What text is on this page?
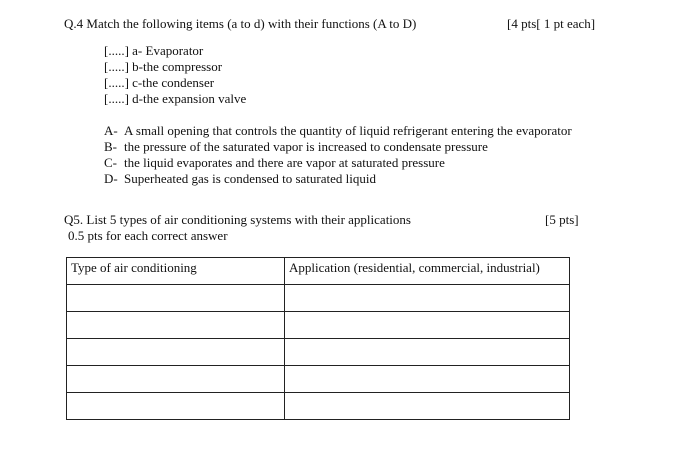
Q.4 Match the following items (a to d) with their functions (A to D)	[4 pts[ 1 pt each]
[.....] a- Evaporator
[.....] b-the compressor
[.....] c-the condenser
[.....] d-the expansion valve
A- A small opening that controls the quantity of liquid refrigerant entering the evaporator
B- the pressure of the saturated vapor is increased to condensate pressure
C- the liquid evaporates and there are vapor at saturated pressure
D- Superheated gas is condensed to saturated liquid
Q5. List 5 types of air conditioning systems with their applications
0.5 pts for each correct answer
[5 pts]
Type of air conditioning	Application (residential, commercial, industrial)
